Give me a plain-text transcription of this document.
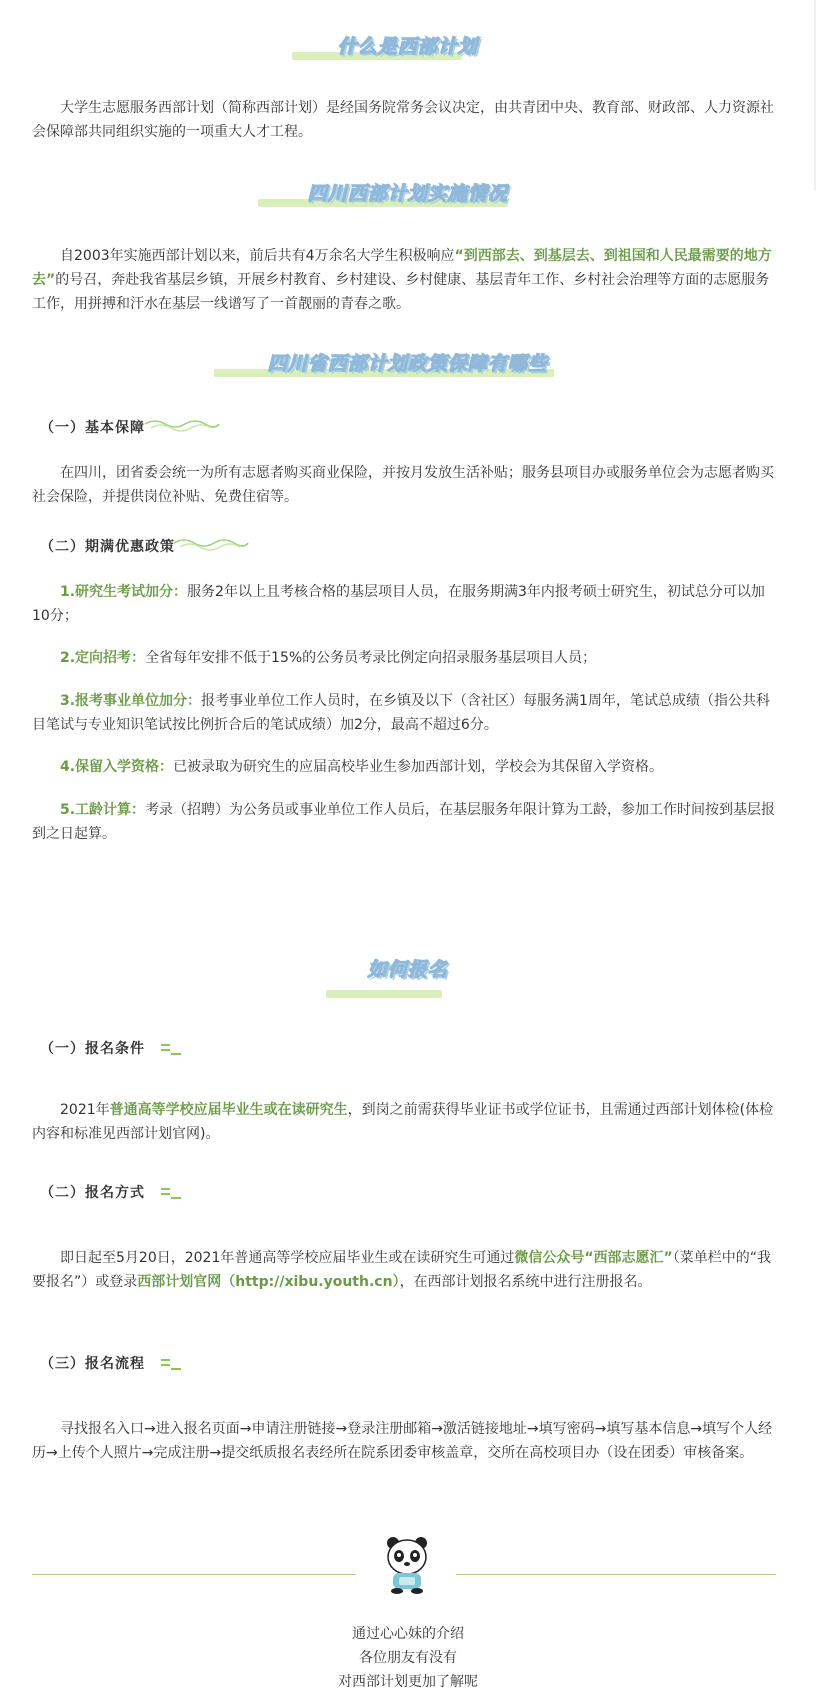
什么是西部计划

大学生志愿服务西部计划（简称西部计划）是经国务院常务会议决定，由共青团中央、教育部、财政部、人力资源社会保障部共同组织实施的一项重大人才工程。

四川西部计划实施情况

自2003年实施西部计划以来，前后共有4万余名大学生积极响应“到西部去、到基层去、到祖国和人民最需要的地方去”的号召，奔赴我省基层乡镇，开展乡村教育、乡村建设、乡村健康、基层青年工作、乡村社会治理等方面的志愿服务工作，用拼搏和汗水在基层一线谱写了一首靓丽的青春之歌。

四川省西部计划政策保障有哪些
（一）基本保障

在四川，团省委会统一为所有志愿者购买商业保险，并按月发放生活补贴；服务县项目办或服务单位会为志愿者购买社会保险，并提供岗位补贴、免费住宿等。

（二）期满优惠政策

1.研究生考试加分：服务2年以上且考核合格的基层项目人员，在服务期满3年内报考硕士研究生，初试总分可以加10分；

2.定向招考：全省每年安排不低于15%的公务员考录比例定向招录服务基层项目人员；

3.报考事业单位加分：报考事业单位工作人员时，在乡镇及以下（含社区）每服务满1周年，笔试总成绩（指公共科目笔试与专业知识笔试按比例折合后的笔试成绩）加2分，最高不超过6分。

4.保留入学资格：已被录取为研究生的应届高校毕业生参加西部计划，学校会为其保留入学资格。

5.工龄计算：考录（招聘）为公务员或事业单位工作人员后，在基层服务年限计算为工龄，参加工作时间按到基层报到之日起算。

如何报名
（一）报名条件

2021年普通高等学校应届毕业生或在读研究生，到岗之前需获得毕业证书或学位证书，且需通过西部计划体检(体检内容和标准见西部计划官网)。

（二）报名方式

即日起至5月20日，2021年普通高等学校应届毕业生或在读研究生可通过微信公众号“西部志愿汇”（菜单栏中的“我要报名”）或登录西部计划官网（http://xibu.youth.cn），在西部计划报名系统中进行注册报名。

（三）报名流程

寻找报名入口→进入报名页面→申请注册链接→登录注册邮箱→激活链接地址→填写密码→填写基本信息→填写个人经历→上传个人照片→完成注册→提交纸质报名表经所在院系团委审核盖章，交所在高校项目办（设在团委）审核备案。

通过心心妹的介绍
各位朋友有没有
对西部计划更加了解呢
